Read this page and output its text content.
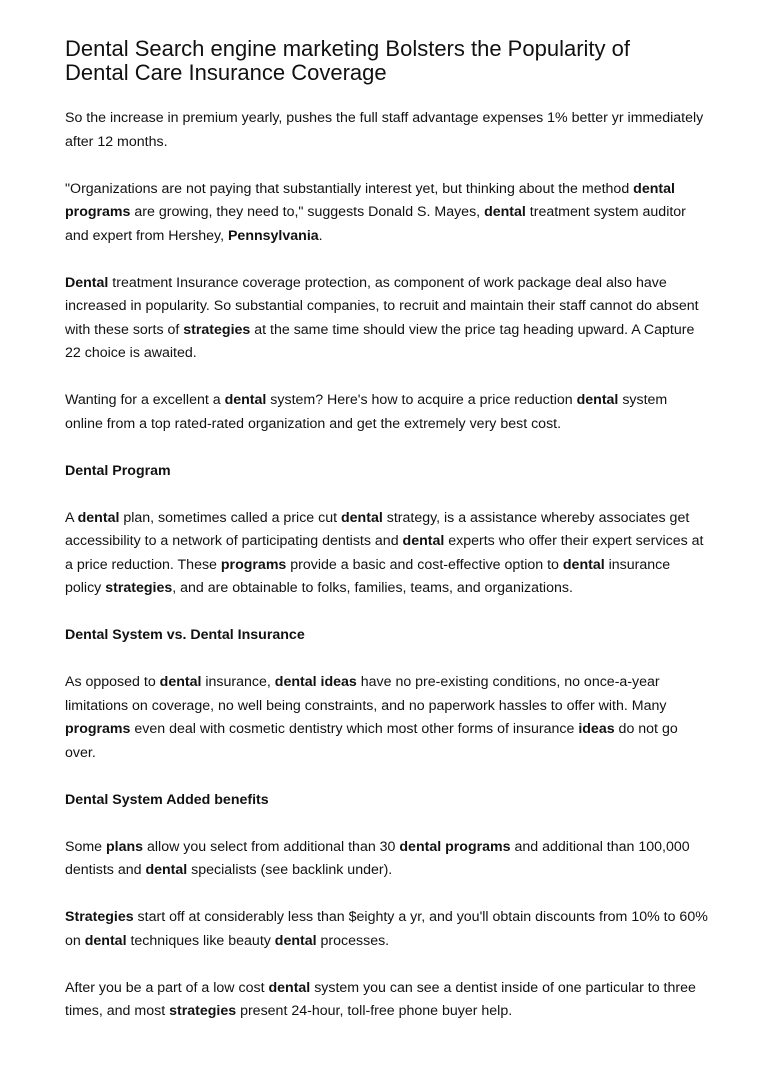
Dental Search engine marketing Bolsters the Popularity of
Dental Care Insurance Coverage

So the increase in premium yearly, pushes the full staff advantage expenses 1% better yr immediately after 12 months.

"Organizations are not paying that substantially interest yet, but thinking about the method dental programs are growing, they need to," suggests Donald S. Mayes, dental treatment system auditor and expert from Hershey, Pennsylvania.

Dental treatment Insurance coverage protection, as component of work package deal also have increased in popularity. So substantial companies, to recruit and maintain their staff cannot do absent with these sorts of strategies at the same time should view the price tag heading upward. A Capture 22 choice is awaited.

Wanting for a excellent a dental system? Here's how to acquire a price reduction dental system online from a top rated-rated organization and get the extremely very best cost.

Dental Program

A dental plan, sometimes called a price cut dental strategy, is a assistance whereby associates get accessibility to a network of participating dentists and dental experts who offer their expert services at a price reduction. These programs provide a basic and cost-effective option to dental insurance policy strategies, and are obtainable to folks, families, teams, and organizations.

Dental System vs. Dental Insurance

As opposed to dental insurance, dental ideas have no pre-existing conditions, no once-a-year limitations on coverage, no well being constraints, and no paperwork hassles to offer with. Many programs even deal with cosmetic dentistry which most other forms of insurance ideas do not go over.

Dental System Added benefits

Some plans allow you select from additional than 30 dental programs and additional than 100,000 dentists and dental specialists (see backlink under).

Strategies start off at considerably less than $eighty a yr, and you'll obtain discounts from 10% to 60% on dental techniques like beauty dental processes.

After you be a part of a low cost dental system you can see a dentist inside of one particular to three times, and most strategies present 24-hour, toll-free phone buyer help.
